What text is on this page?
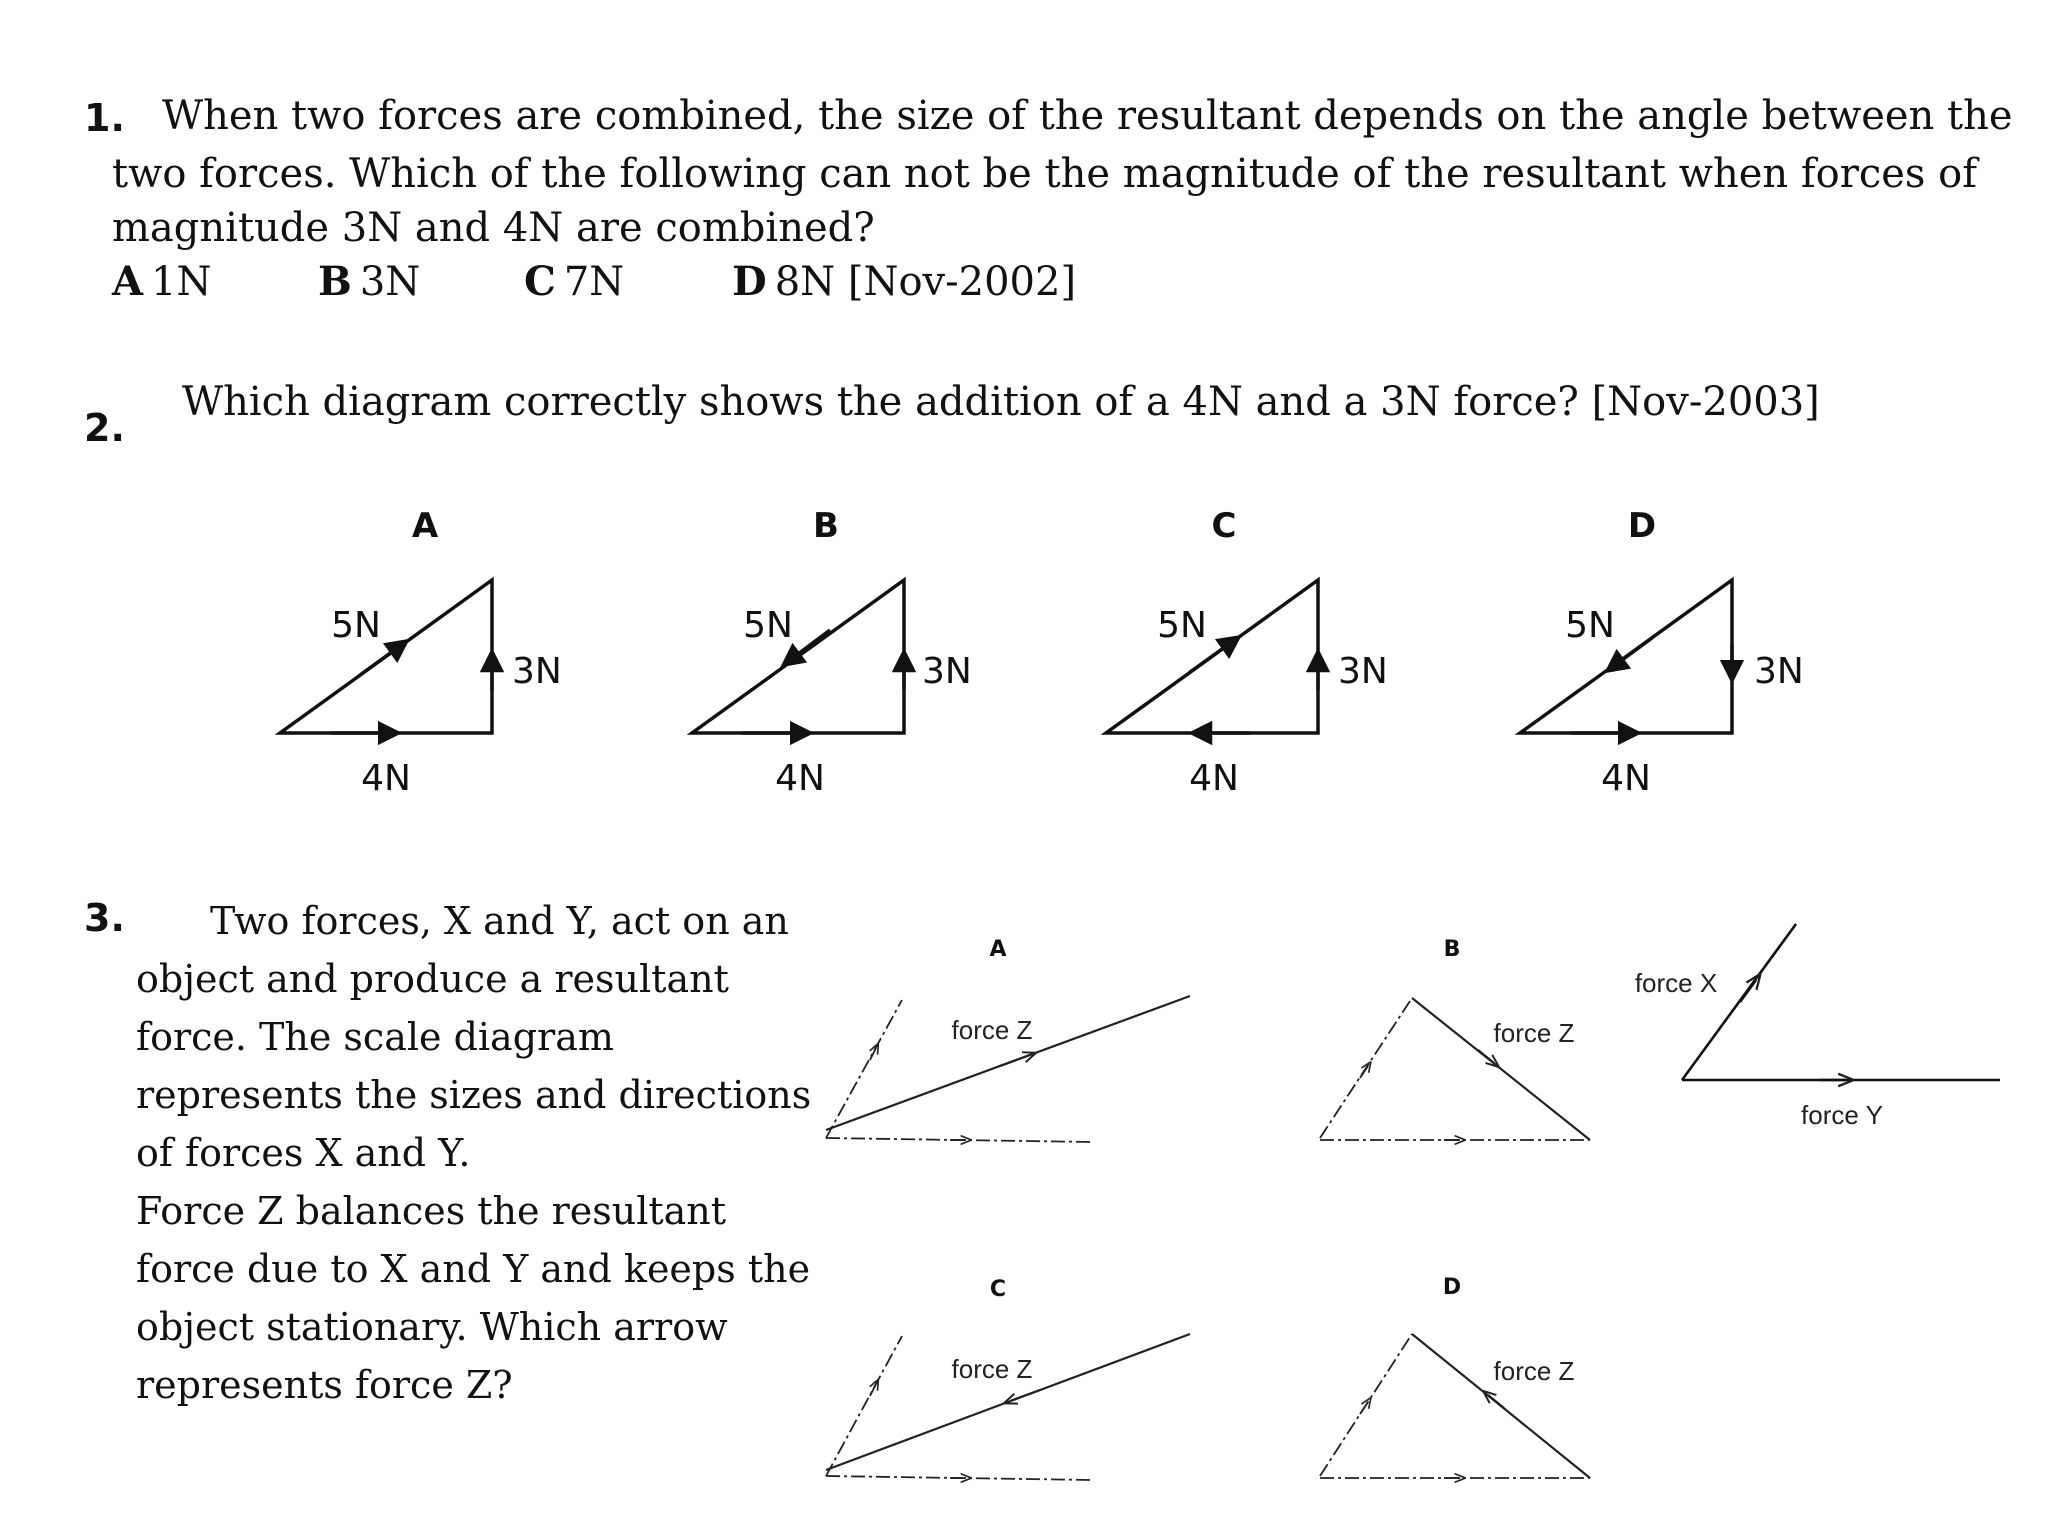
1. When two forces are combined, the size of the resultant depends on the angle between the
two forces. Which of the following can not be the magnitude of the resultant when forces of
magnitude 3N and 4N are combined?
A 1N	B 3N	C 7N	D 8N [Nov-2002]
2.
Which diagram correctly shows the addition of a 4N and a 3N force? [Nov-2003]
A
5N
3N
4N
B
5N
3N
4N
C
5N
3N
4N
D
5N
3N
4N
A
force Z
B
force Z
force X
force Y
C
force Z
D
force Z
3. Two forces, X and Y, act on an
object and produce a resultant
force. The scale diagram
represents the sizes and directions
of forces X and Y.
Force Z balances the resultant
force due to X and Y and keeps the
object stationary. Which arrow
represents force Z?
